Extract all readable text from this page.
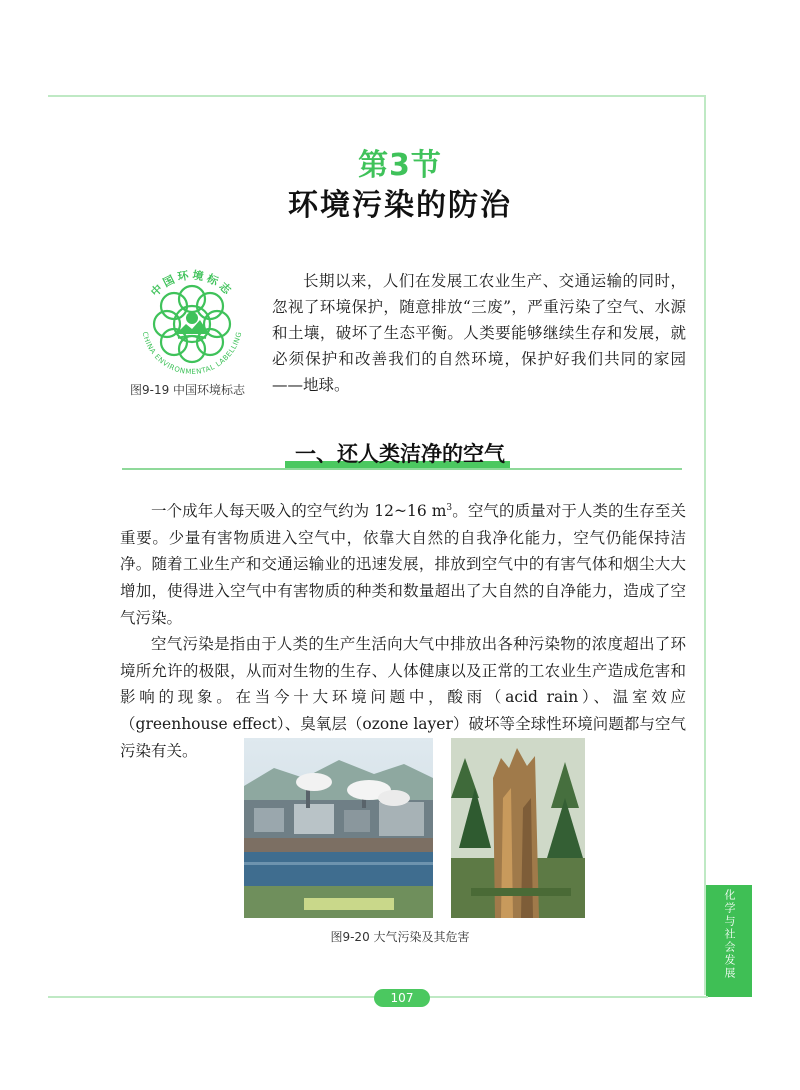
第3节
环境污染的防治
中国环境标志
CHINA ENVIRONMENTAL LABELLING
图9-19 中国环境标志

长期以来，人们在发展工农业生产、交通运输的同时，忽视了环境保护，随意排放“三废”，严重污染了空气、水源和土壤，破坏了生态平衡。人类要能够继续生存和发展，就必须保护和改善我们的自然环境，保护好我们共同的家园——地球。

一、还人类洁净的空气

一个成年人每天吸入的空气约为 12~16 $m^3$。空气的质量对于人类的生存至关重要。少量有害物质进入空气中，依靠大自然的自我净化能力，空气仍能保持洁净。随着工业生产和交通运输业的迅速发展，排放到空气中的有害气体和烟尘大大增加，使得进入空气中有害物质的种类和数量超出了大自然的自净能力，造成了空气污染。

空气污染是指由于人类的生产生活向大气中排放出各种污染物的浓度超出了环境所允许的极限，从而对生物的生存、人体健康以及正常的工农业生产造成危害和影响的现象。在当今十大环境问题中，酸雨（acid rain）、温室效应（greenhouse effect）、臭氧层（ozone layer）破坏等全球性环境问题都与空气污染有关。

图9-20 大气污染及其危害	化学与社会发展
107
